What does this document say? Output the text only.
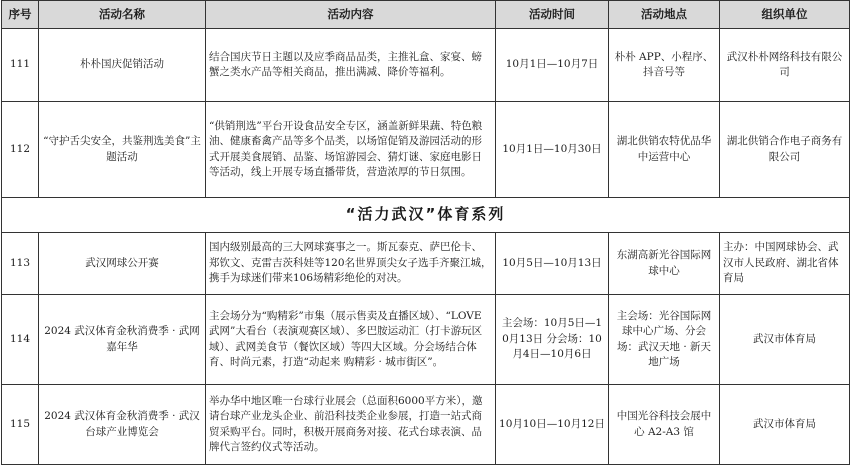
序号	活动名称	活动内容	活动时间	活动地点	组织单位
111	朴朴国庆促销活动	结合国庆节日主题以及应季商品品类，主推礼盒、家宴、螃蟹之类水产品等相关商品，推出满减、降价等福利。	10月1日—10月7日	朴朴 APP、小程序、抖音号等	武汉朴朴网络科技有限公司
112	“守护舌尖安全，共鉴荆选美食”主题活动	“供销荆选”平台开设食品安全专区，涵盖新鲜果蔬、特色粮油、健康畜禽产品等多个品类，以场馆促销及游园活动的形式开展美食展销、品鉴、场馆游园会、猜灯谜、家庭电影日等活动，线上开展专场直播带货，营造浓厚的节日氛围。	10月1日—10月30日	湖北供销农特优品华中运营中心	湖北供销合作电子商务有限公司
“活力武汉”体育系列					
113	武汉网球公开赛	国内级别最高的三大网球赛事之一。斯瓦泰克、萨巴伦卡、郑钦文、克雷吉茨科娃等120名世界顶尖女子选手齐聚江城，携手为球迷们带来106场精彩绝伦的对决。	10月5日—10月13日	东湖高新光谷国际网球中心	主办：中国网球协会、武汉市人民政府、湖北省体育局
114	2024 武汉体育金秋消费季 · 武网嘉年华	主会场分为“购精彩”市集（展示售卖及直播区域）、“LOVE 武网”大看台（表演观赛区域）、多巴胺运动汇（打卡游玩区域）、武网美食节（餐饮区域）等四大区域。分会场结合体育、时尚元素，打造“动起来 购精彩 · 城市街区”。	主会场：10月5日—10月13日 分会场：10月4日—10月6日	主会场：光谷国际网球中心广场、分会场：武汉天地 · 新天地广场	武汉市体育局
115	2024 武汉体育金秋消费季 · 武汉台球产业博览会	举办华中地区唯一台球行业展会（总面积6000平方米），邀请台球产业龙头企业、前沿科技类企业参展，打造一站式商贸采购平台。同时，积极开展商务对接、花式台球表演、品牌代言签约仪式等活动。	10月10日—10月12日	中国光谷科技会展中心 A2-A3 馆	武汉市体育局
